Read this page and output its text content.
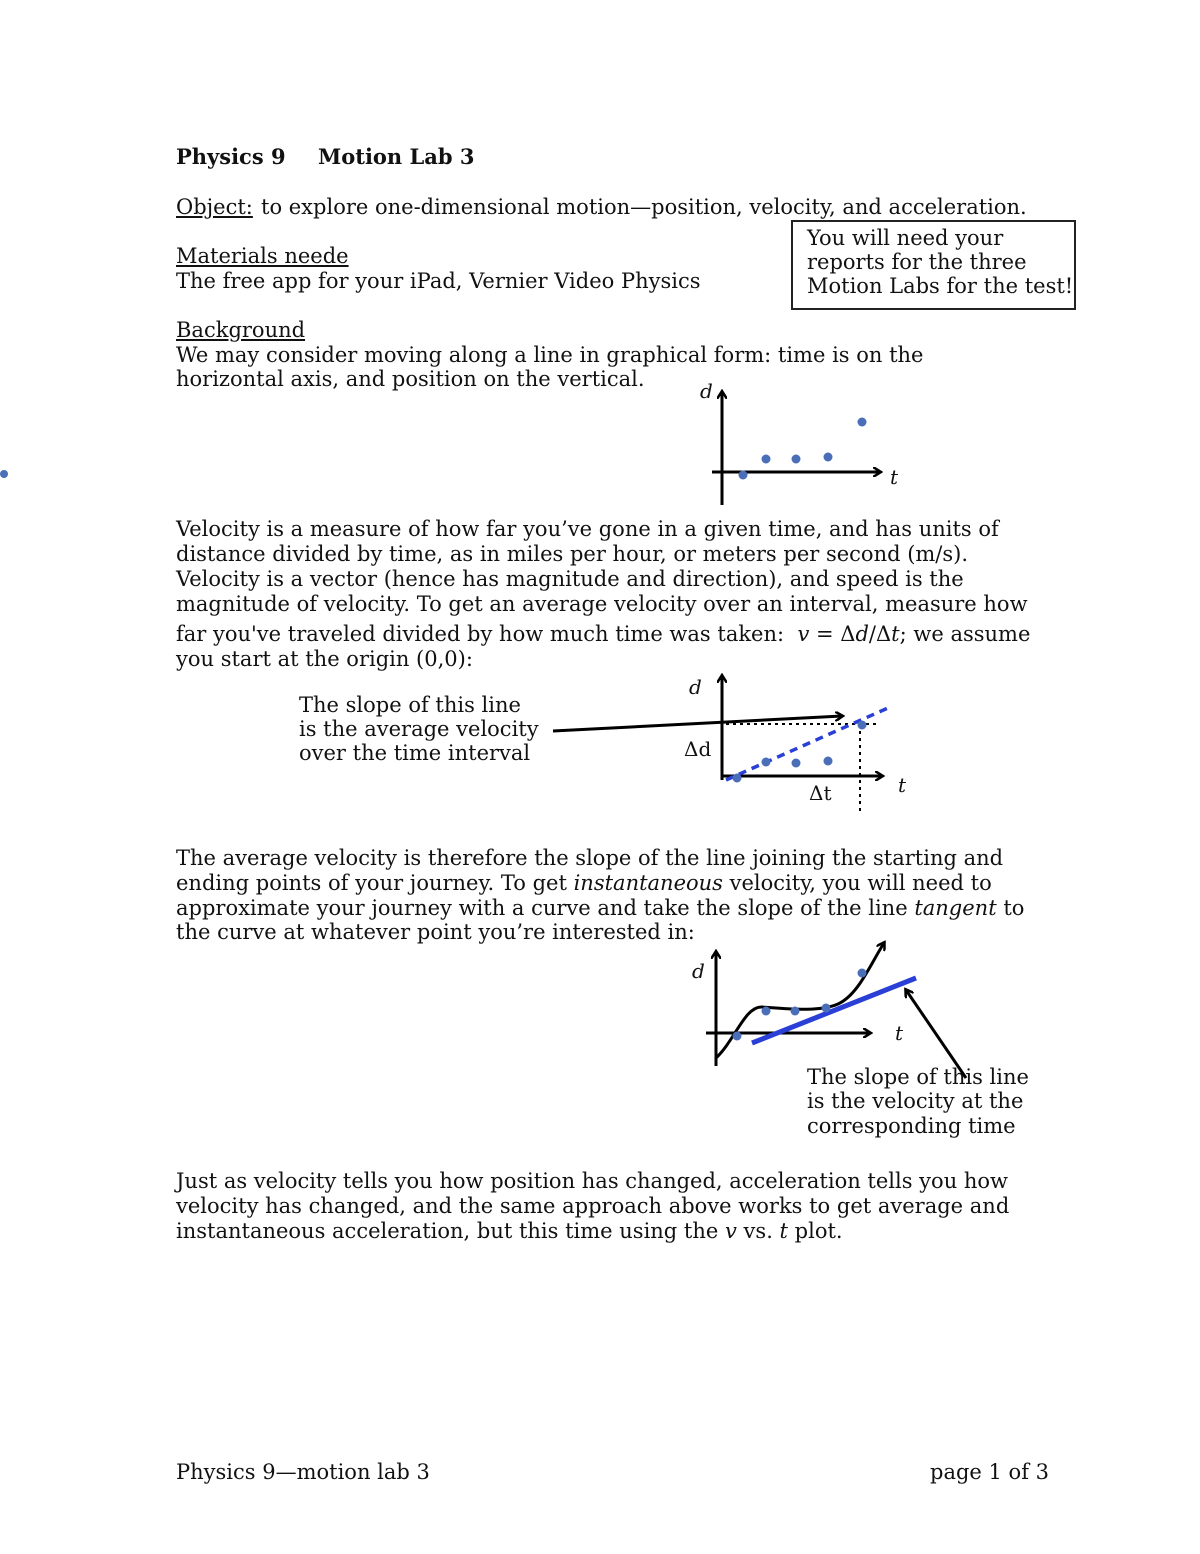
Physics 9 Motion Lab 3
Object: to explore one-dimensional motion—position, velocity, and acceleration.
You will need your
reports for the three
Motion Labs for the test!
Materials neede
The free app for your iPad, Vernier Video Physics
Background
We may consider moving along a line in graphical form: time is on the
horizontal axis, and position on the vertical.
Velocity is a measure of how far you’ve gone in a given time, and has units of
distance divided by time, as in miles per hour, or meters per second (m/s).
Velocity is a vector (hence has magnitude and direction), and speed is the
magnitude of velocity. To get an average velocity over an interval, measure how
far you've traveled divided by how much time was taken: v = Δd/Δt; we assume
you start at the origin (0,0):
The slope of this line
is the average velocity
over the time interval
The average velocity is therefore the slope of the line joining the starting and
ending points of your journey. To get instantaneous velocity, you will need to
approximate your journey with a curve and take the slope of the line tangent to
the curve at whatever point you’re interested in:
The slope of this line
is the velocity at the
corresponding time
Just as velocity tells you how position has changed, acceleration tells you how
velocity has changed, and the same approach above works to get average and
instantaneous acceleration, but this time using the v vs. t plot.
Physics 9—motion lab 3	page 1 of 3
d
t
d
t
Δd
Δt
d
t
